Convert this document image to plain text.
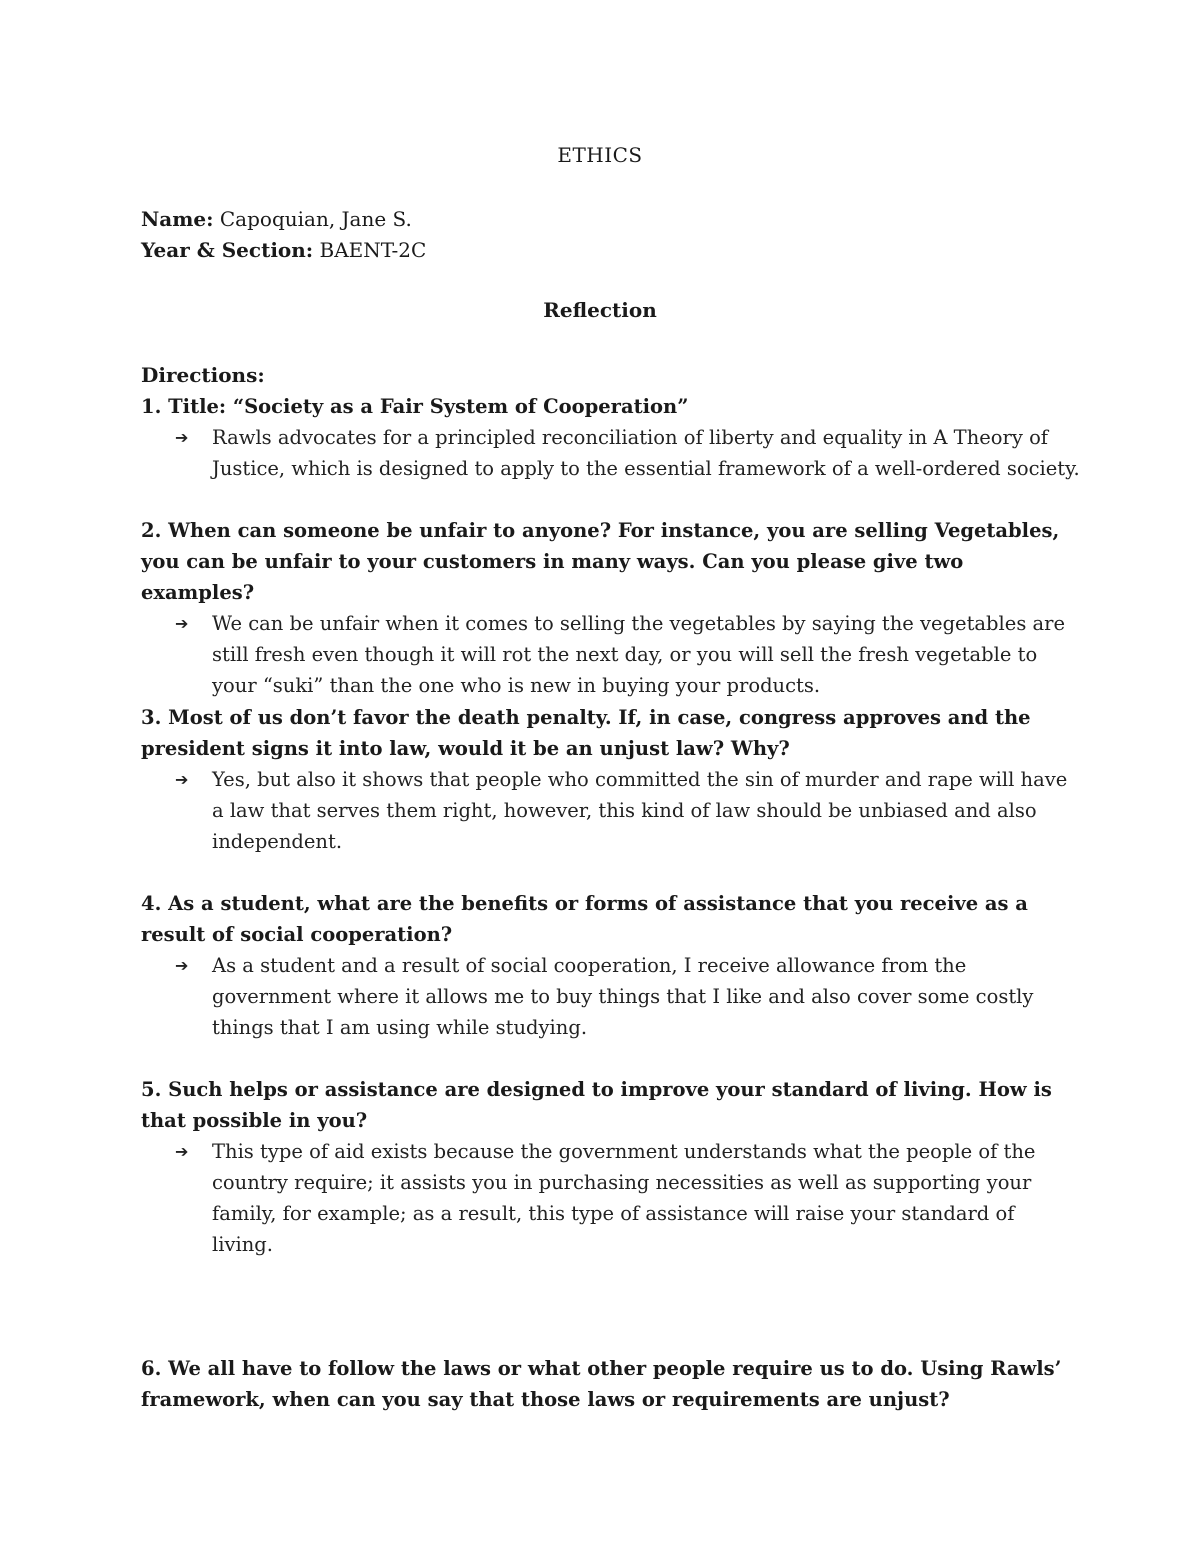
ETHICS
Name: Capoquian, Jane S.
Year & Section: BAENT-2C
Reflection
Directions:

1. Title: “Society as a Fair System of Cooperation”

➔ Rawls advocates for a principled reconciliation of liberty and equality in A Theory of Justice, which is designed to apply to the essential framework of a well-ordered society.

2. When can someone be unfair to anyone? For instance, you are selling Vegetables, you can be unfair to your customers in many ways. Can you please give two examples?

➔ We can be unfair when it comes to selling the vegetables by saying the vegetables are still fresh even though it will rot the next day, or you will sell the fresh vegetable to your “suki” than the one who is new in buying your products.

3. Most of us don’t favor the death penalty. If, in case, congress approves and the president signs it into law, would it be an unjust law? Why?

➔ Yes, but also it shows that people who committed the sin of murder and rape will have a law that serves them right, however, this kind of law should be unbiased and also independent.

4. As a student, what are the benefits or forms of assistance that you receive as a result of social cooperation?

➔ As a student and a result of social cooperation, I receive allowance from the government where it allows me to buy things that I like and also cover some costly things that I am using while studying.

5. Such helps or assistance are designed to improve your standard of living. How is that possible in you?

➔ This type of aid exists because the government understands what the people of the country require; it assists you in purchasing necessities as well as supporting your family, for example; as a result, this type of assistance will raise your standard of living.

6. We all have to follow the laws or what other people require us to do. Using Rawls’ framework, when can you say that those laws or requirements are unjust?
